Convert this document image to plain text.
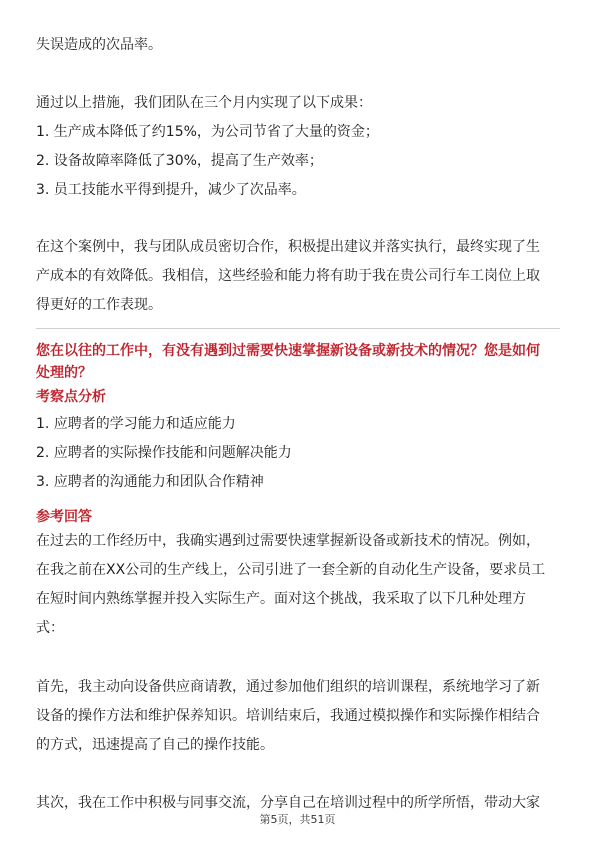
失误造成的次品率。
通过以上措施，我们团队在三个月内实现了以下成果：
1. 生产成本降低了约15%，为公司节省了大量的资金；
2. 设备故障率降低了30%，提高了生产效率；
3. 员工技能水平得到提升，减少了次品率。
在这个案例中，我与团队成员密切合作，积极提出建议并落实执行，最终实现了生
产成本的有效降低。我相信，这些经验和能力将有助于我在贵公司行车工岗位上取
得更好的工作表现。
您在以往的工作中，有没有遇到过需要快速掌握新设备或新技术的情况？您是如何
处理的？
考察点分析
1. 应聘者的学习能力和适应能力
2. 应聘者的实际操作技能和问题解决能力
3. 应聘者的沟通能力和团队合作精神
参考回答
在过去的工作经历中，我确实遇到过需要快速掌握新设备或新技术的情况。例如，
在我之前在XX公司的生产线上，公司引进了一套全新的自动化生产设备，要求员工
在短时间内熟练掌握并投入实际生产。面对这个挑战，我采取了以下几种处理方
式：
首先，我主动向设备供应商请教，通过参加他们组织的培训课程，系统地学习了新
设备的操作方法和维护保养知识。培训结束后，我通过模拟操作和实际操作相结合
的方式，迅速提高了自己的操作技能。
其次，我在工作中积极与同事交流，分享自己在培训过程中的所学所悟，带动大家
第5页，共51页
